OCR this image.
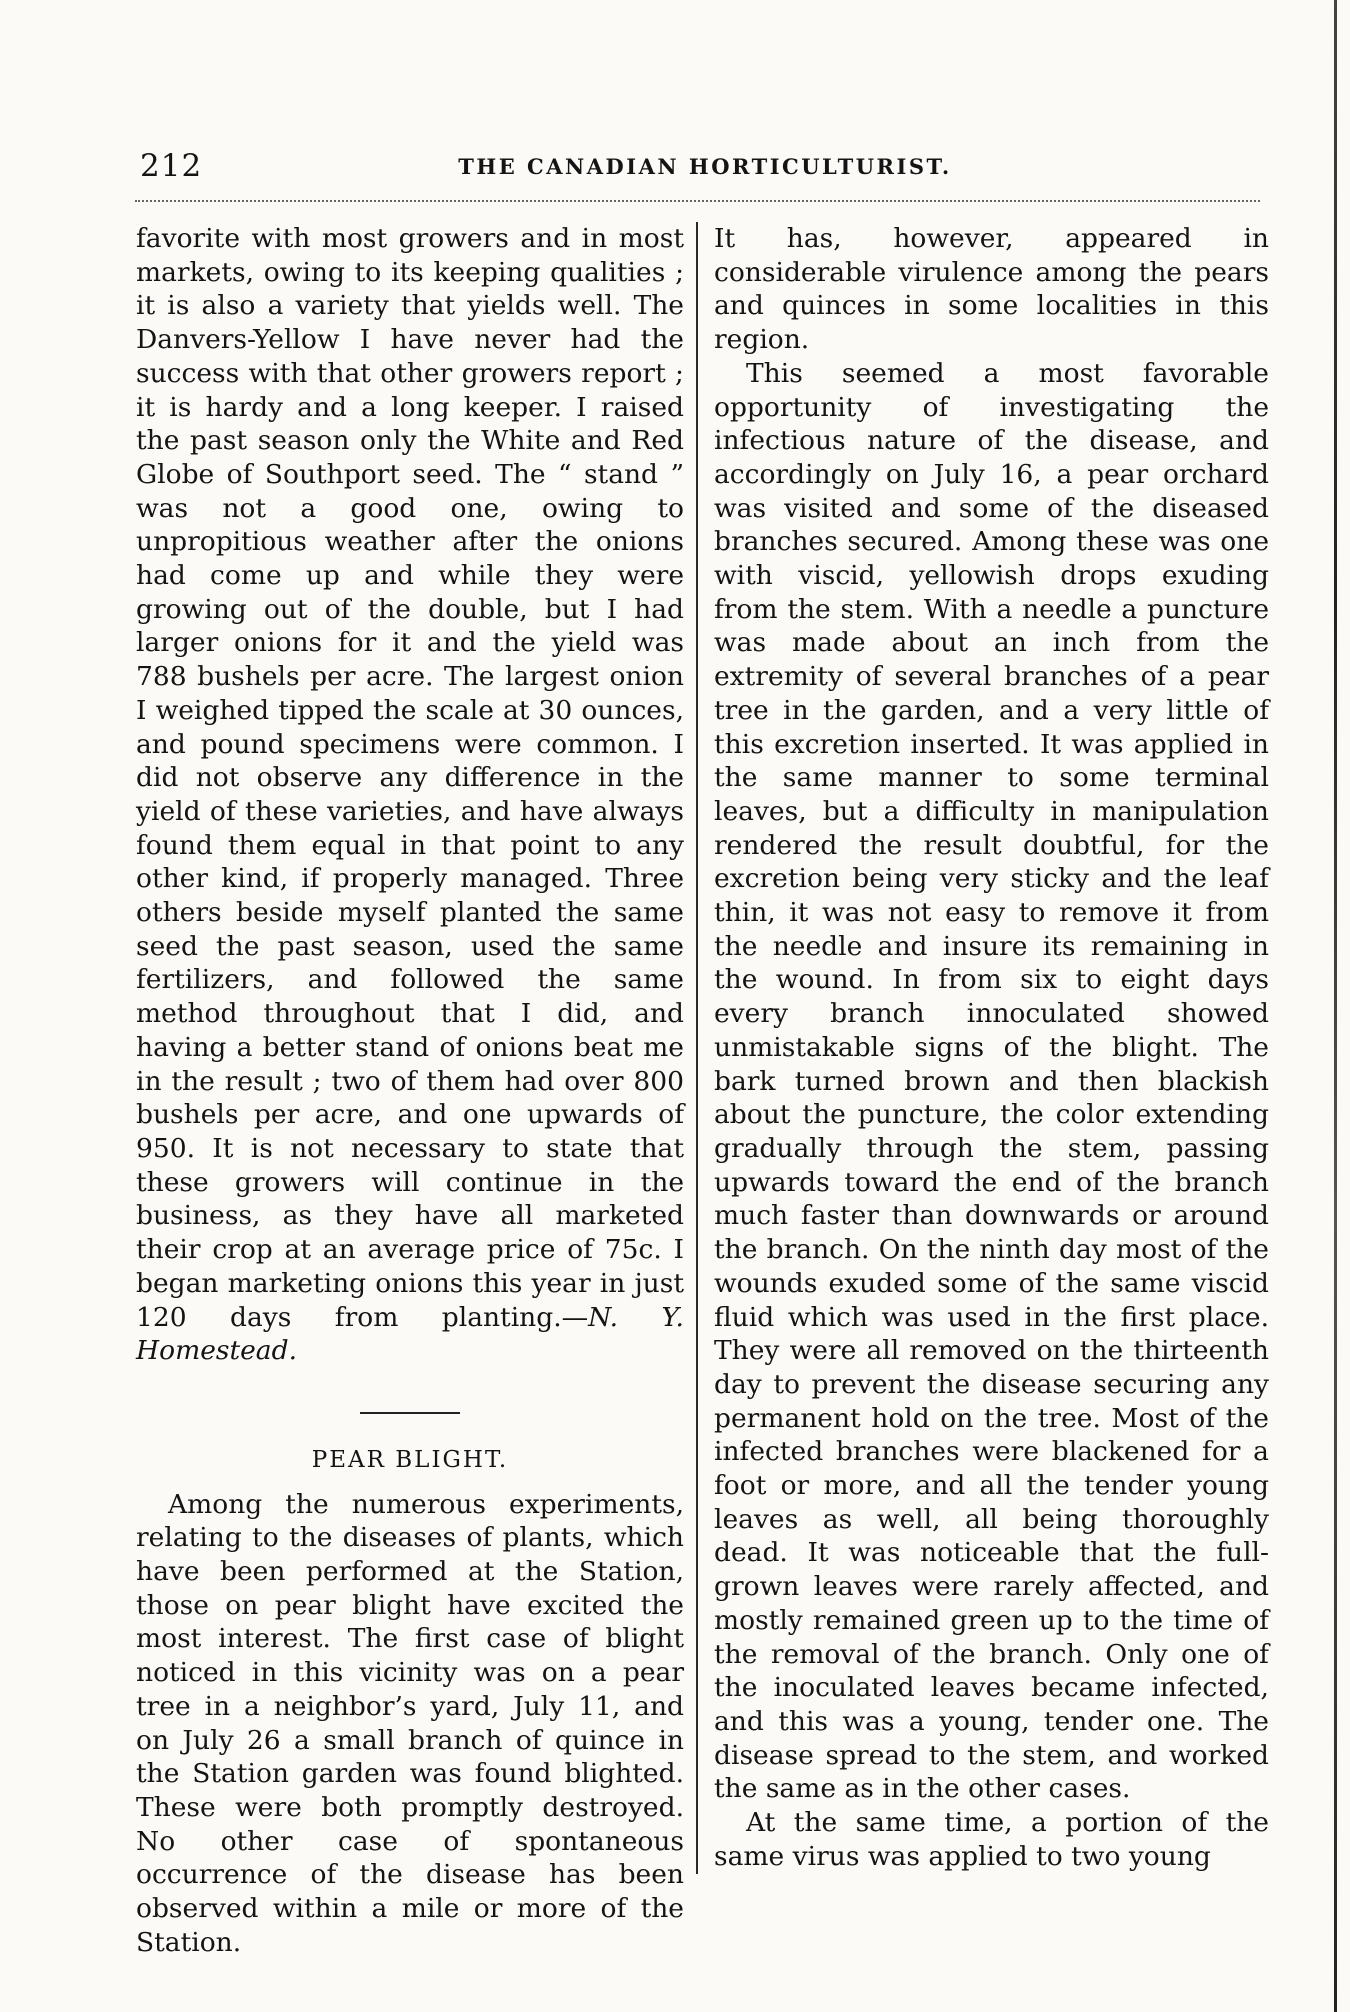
212	THE CANADIAN HORTICULTURIST.

favorite with most growers and in most markets, owing to its keeping qualities ; it is also a variety that yields well. The Danvers-Yellow I have never had the success with that other growers report ; it is hardy and a long keeper. I raised the past season only the White and Red Globe of Southport seed. The “ stand ” was not a good one, owing to unpropitious weather after the onions had come up and while they were growing out of the double, but I had larger onions for it and the yield was 788 bushels per acre. The largest onion I weighed tipped the scale at 30 ounces, and pound specimens were common. I did not observe any difference in the yield of these varieties, and have always found them equal in that point to any other kind, if properly managed. Three others beside myself planted the same seed the past season, used the same fertilizers, and followed the same method throughout that I did, and having a better stand of onions beat me in the result ; two of them had over 800 bushels per acre, and one upwards of 950. It is not necessary to state that these growers will continue in the business, as they have all marketed their crop at an average price of 75c. I began marketing onions this year in just 120 days from planting.—N. Y. Homestead.

PEAR BLIGHT.

Among the numerous experiments, relating to the diseases of plants, which have been performed at the Station, those on pear blight have excited the most interest. The first case of blight noticed in this vicinity was on a pear tree in a neighbor’s yard, July 11, and on July 26 a small branch of quince in the Station garden was found blighted. These were both promptly destroyed. No other case of spontaneous occurrence of the disease has been observed within a mile or more of the Station.

It has, however, appeared in considerable virulence among the pears and quinces in some localities in this region.

This seemed a most favorable opportunity of investigating the infectious nature of the disease, and accordingly on July 16, a pear orchard was visited and some of the diseased branches secured. Among these was one with viscid, yellowish drops exuding from the stem. With a needle a puncture was made about an inch from the extremity of several branches of a pear tree in the garden, and a very little of this excretion inserted. It was applied in the same manner to some terminal leaves, but a difficulty in manipulation rendered the result doubtful, for the excretion being very sticky and the leaf thin, it was not easy to remove it from the needle and insure its remaining in the wound. In from six to eight days every branch innoculated showed unmistakable signs of the blight. The bark turned brown and then blackish about the puncture, the color extending gradually through the stem, passing upwards toward the end of the branch much faster than downwards or around the branch. On the ninth day most of the wounds exuded some of the same viscid fluid which was used in the first place. They were all removed on the thirteenth day to prevent the disease securing any permanent hold on the tree. Most of the infected branches were blackened for a foot or more, and all the tender young leaves as well, all being thoroughly dead. It was noticeable that the full-grown leaves were rarely affected, and mostly remained green up to the time of the removal of the branch. Only one of the inoculated leaves became infected, and this was a young, tender one. The disease spread to the stem, and worked the same as in the other cases.

At the same time, a portion of the same virus was applied to two young
